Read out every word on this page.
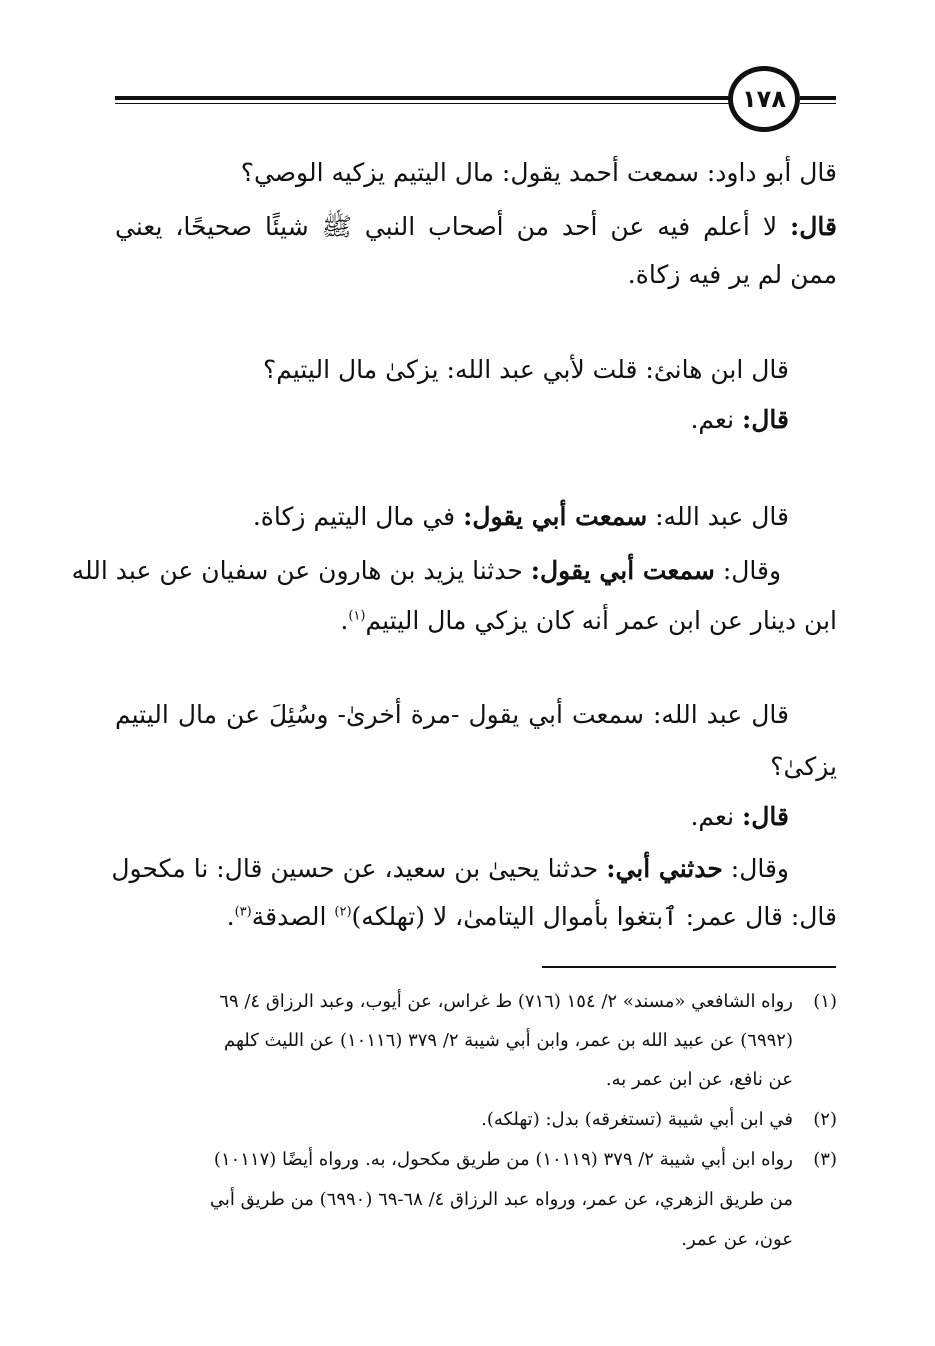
١٧٨
قال أبو داود: سمعت أحمد يقول: مال اليتيم يزكيه الوصي؟
قال: لا أعلم فيه عن أحد من أصحاب النبي ﷺ شيئًا صحيحًا، يعني
ممن لم ير فيه زكاة.
قال ابن هانئ: قلت لأبي عبد الله: يزكىٰ مال اليتيم؟
قال: نعم.
قال عبد الله: سمعت أبي يقول: في مال اليتيم زكاة.
وقال: سمعت أبي يقول: حدثنا يزيد بن هارون عن سفيان عن عبد الله
ابن دينار عن ابن عمر أنه كان يزكي مال اليتيم$^{(١)}$.
قال عبد الله: سمعت أبي يقول -مرة أخرىٰ- وسُئِلَ عن مال اليتيم
يزكىٰ؟
قال: نعم.
وقال: حدثني أبي: حدثنا يحيىٰ بن سعيد، عن حسين قال: نا مكحول
قال: قال عمر: ٱبتغوا بأموال اليتامىٰ، لا (تهلكه)$^{(٢)}$ الصدقة$^{(٣)}$.
(١)رواه الشافعي «مسند» ٢/ ١٥٤ (٧١٦) ط غراس، عن أيوب، وعبد الرزاق ٤/ ٦٩
(٦٩٩٢) عن عبيد الله بن عمر، وابن أبي شيبة ٢/ ٣٧٩ (١٠١١٦) عن الليث كلهم
عن نافع، عن ابن عمر به.
(٢)في ابن أبي شيبة (تستغرقه) بدل: (تهلكه).
(٣)رواه ابن أبي شيبة ٢/ ٣٧٩ (١٠١١٩) من طريق مكحول، به. ورواه أيضًا (١٠١١٧)
من طريق الزهري، عن عمر، ورواه عبد الرزاق ٤/ ٦٨-٦٩ (٦٩٩٠) من طريق أبي
عون، عن عمر.
